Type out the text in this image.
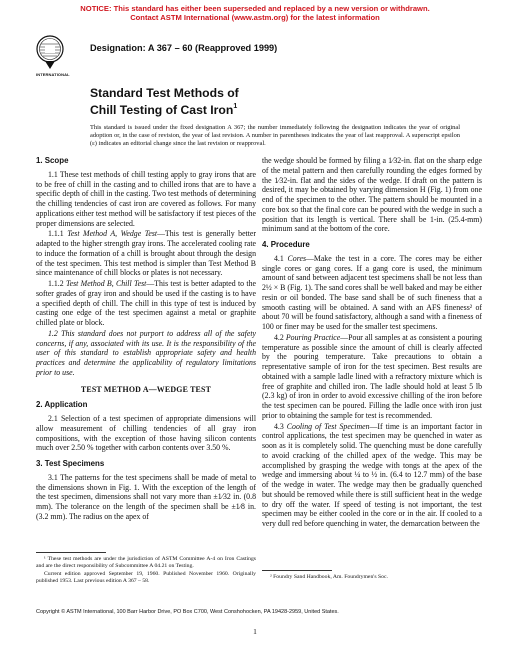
NOTICE: This standard has either been superseded and replaced by a new version or withdrawn.
Contact ASTM International (www.astm.org) for the latest information
INTERNATIONAL
Designation: A 367 – 60 (Reapproved 1999)
Standard Test Methods of
Chill Testing of Cast Iron$^1$
This standard is issued under the fixed designation A 367; the number immediately following the designation indicates the year of original adoption or, in the case of revision, the year of last revision. A number in parentheses indicates the year of last reapproval. A superscript epsilon (ε) indicates an editorial change since the last revision or reapproval.
1. Scope

1.1 These test methods of chill testing apply to gray irons that are to be free of chill in the casting and to chilled irons that are to have a specific depth of chill in the casting. Two test methods of determining the chilling tendencies of cast iron are covered as follows. For many applications either test method will be satisfactory if test pieces of the proper dimensions are selected.

1.1.1 Test Method A, Wedge Test—This test is generally better adapted to the higher strength gray irons. The accelerated cooling rate to induce the formation of a chill is brought about through the design of the test specimen. This test method is simpler than Test Method B since maintenance of chill blocks or plates is not necessary.

1.1.2 Test Method B, Chill Test—This test is better adapted to the softer grades of gray iron and should be used if the casting is to have a specified depth of chill. The chill in this type of test is induced by casting one edge of the test specimen against a metal or graphite chilled plate or block.

1.2 This standard does not purport to address all of the safety concerns, if any, associated with its use. It is the responsibility of the user of this standard to establish appropriate safety and health practices and determine the applicability of regulatory limitations prior to use.

TEST METHOD A—WEDGE TEST
2. Application

2.1 Selection of a test specimen of appropriate dimensions will allow measurement of chilling tendencies of all gray iron compositions, with the exception of those having silicon contents much over 2.50 % together with carbon contents over 3.50 %.

3. Test Specimens

3.1 The patterns for the test specimens shall be made of metal to the dimensions shown in Fig. 1. With the exception of the length of the test specimen, dimensions shall not vary more than ±1⁄32 in. (0.8 mm). The tolerance on the length of the specimen shall be ±1⁄8 in. (3.2 mm). The radius on the apex of

¹ These test methods are under the jurisdiction of ASTM Committee A-4 on Iron Castings and are the direct responsibility of Subcommittee A 04.21 on Testing.

Current edition approved September 19, 1960. Published November 1960. Originally published 1953. Last previous edition A 367 – 58.

the wedge should be formed by filing a 1⁄32-in. flat on the sharp edge of the metal pattern and then carefully rounding the edges formed by the 1⁄32-in. flat and the sides of the wedge. If draft on the pattern is desired, it may be obtained by varying dimension H (Fig. 1) from one end of the specimen to the other. The pattern should be mounted in a core box so that the final core can be poured with the wedge in such a position that its length is vertical. There shall be 1-in. (25.4-mm) minimum sand at the bottom of the core.

4. Procedure

4.1 Cores—Make the test in a core. The cores may be either single cores or gang cores. If a gang core is used, the minimum amount of sand between adjacent test specimens shall be not less than 2½ × B (Fig. 1). The sand cores shall be well baked and may be either resin or oil bonded. The base sand shall be of such fineness that a smooth casting will be obtained. A sand with an AFS fineness² of about 70 will be found satisfactory, although a sand with a fineness of 100 or finer may be used for the smaller test specimens.

4.2 Pouring Practice—Pour all samples at as consistent a pouring temperature as possible since the amount of chill is clearly affected by the pouring temperature. Take precautions to obtain a representative sample of iron for the test specimen. Best results are obtained with a sample ladle lined with a refractory mixture which is free of graphite and chilled iron. The ladle should hold at least 5 lb (2.3 kg) of iron in order to avoid excessive chilling of the iron before the test specimen can be poured. Filling the ladle once with iron just prior to obtaining the sample for test is recommended.

4.3 Cooling of Test Specimen—If time is an important factor in control applications, the test specimen may be quenched in water as soon as it is completely solid. The quenching must be done carefully to avoid cracking of the chilled apex of the wedge. This may be accomplished by grasping the wedge with tongs at the apex of the wedge and immersing about ¼ to ½ in. (6.4 to 12.7 mm) of the base of the wedge in water. The wedge may then be gradually quenched but should be removed while there is still sufficient heat in the wedge to dry off the water. If speed of testing is not important, the test specimen may be either cooled in the core or in the air. If cooled to a very dull red before quenching in water, the demarcation between the

² Foundry Sand Handbook, Am. Foundrymen's Soc.

Copyright © ASTM International, 100 Barr Harbor Drive, PO Box C700, West Conshohocken, PA 19428-2959, United States.
1
